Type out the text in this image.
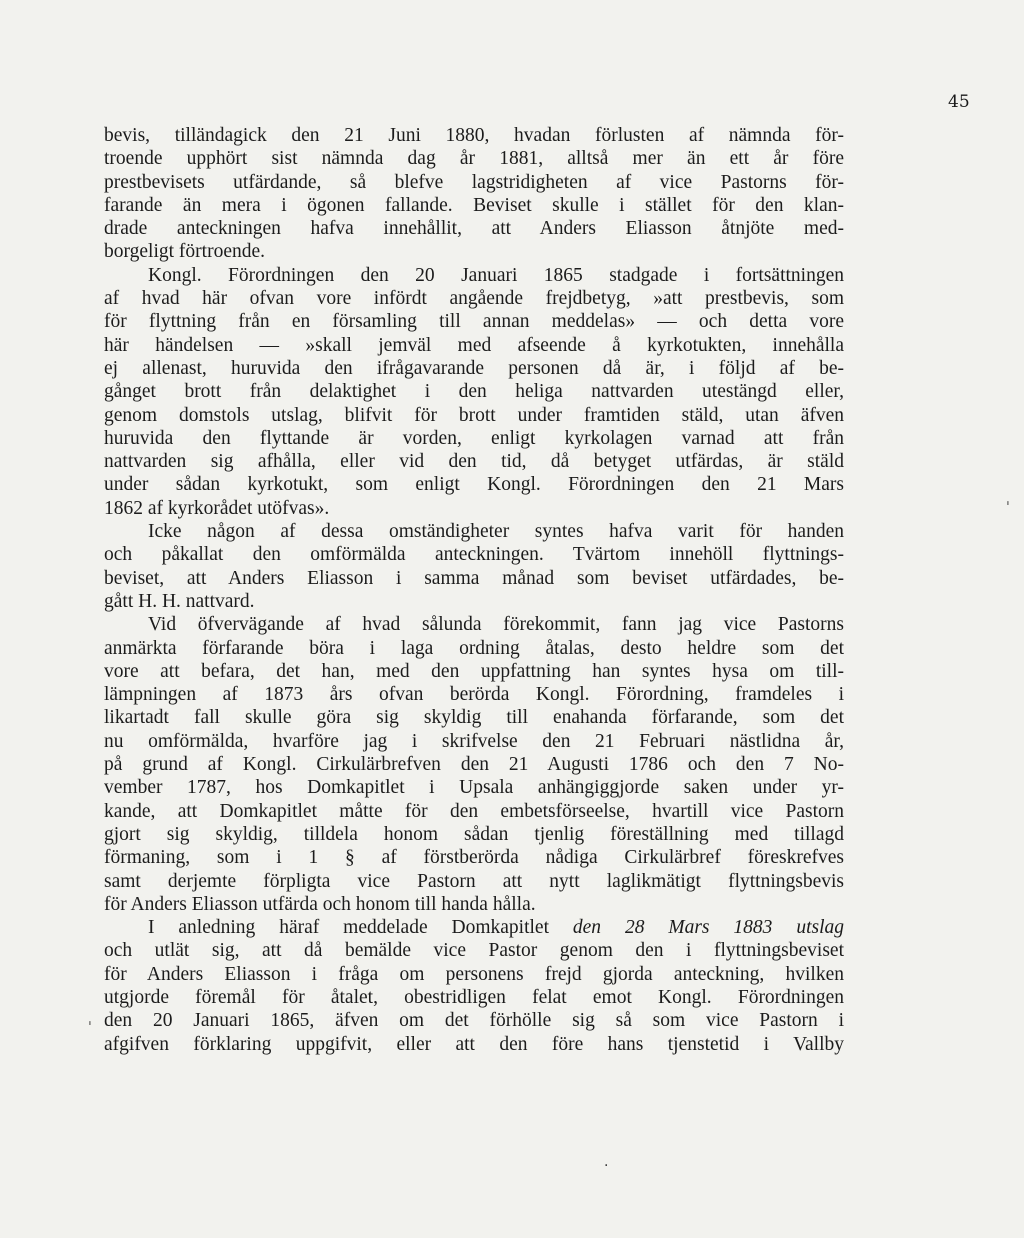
45
bevis, tilländagick den 21 Juni 1880, hvadan förlusten af nämnda för-
troende upphört sist nämnda dag år 1881, alltså mer än ett år före
prestbevisets utfärdande, så blefve lagstridigheten af vice Pastorns för-
farande än mera i ögonen fallande. Beviset skulle i stället för den klan-
drade anteckningen hafva innehållit, att Anders Eliasson åtnjöte med-
borgeligt förtroende.
Kongl. Förordningen den 20 Januari 1865 stadgade i fortsättningen
af hvad här ofvan vore infördt angående frejdbetyg, »att prestbevis, som
för flyttning från en församling till annan meddelas» — och detta vore
här händelsen — »skall jemväl med afseende å kyrkotukten, innehålla
ej allenast, huruvida den ifrågavarande personen då är, i följd af be-
gånget brott från delaktighet i den heliga nattvarden utestängd eller,
genom domstols utslag, blifvit för brott under framtiden stäld, utan äfven
huruvida den flyttande är vorden, enligt kyrkolagen varnad att från
nattvarden sig afhålla, eller vid den tid, då betyget utfärdas, är stäld
under sådan kyrkotukt, som enligt Kongl. Förordningen den 21 Mars
1862 af kyrkorådet utöfvas».
Icke någon af dessa omständigheter syntes hafva varit för handen
och påkallat den omförmälda anteckningen. Tvärtom innehöll flyttnings-
beviset, att Anders Eliasson i samma månad som beviset utfärdades, be-
gått H. H. nattvard.
Vid öfvervägande af hvad sålunda förekommit, fann jag vice Pastorns
anmärkta förfarande böra i laga ordning åtalas, desto heldre som det
vore att befara, det han, med den uppfattning han syntes hysa om till-
lämpningen af 1873 års ofvan berörda Kongl. Förordning, framdeles i
likartadt fall skulle göra sig skyldig till enahanda förfarande, som det
nu omförmälda, hvarföre jag i skrifvelse den 21 Februari nästlidna år,
på grund af Kongl. Cirkulärbrefven den 21 Augusti 1786 och den 7 No-
vember 1787, hos Domkapitlet i Upsala anhängiggjorde saken under yr-
kande, att Domkapitlet måtte för den embetsförseelse, hvartill vice Pastorn
gjort sig skyldig, tilldela honom sådan tjenlig föreställning med tillagd
förmaning, som i 1 § af förstberörda nådiga Cirkulärbref föreskrefves
samt derjemte förpligta vice Pastorn att nytt laglikmätigt flyttningsbevis
för Anders Eliasson utfärda och honom till handa hålla.
I anledning häraf meddelade Domkapitlet den 28 Mars 1883 utslag
och utlät sig, att då bemälde vice Pastor genom den i flyttningsbeviset
för Anders Eliasson i fråga om personens frejd gjorda anteckning, hvilken
utgjorde föremål för åtalet, obestridligen felat emot Kongl. Förordningen
den 20 Januari 1865, äfven om det förhölle sig så som vice Pastorn i
afgifven förklaring uppgifvit, eller att den före hans tjenstetid i Vallby
ˈ
ˈ
·
